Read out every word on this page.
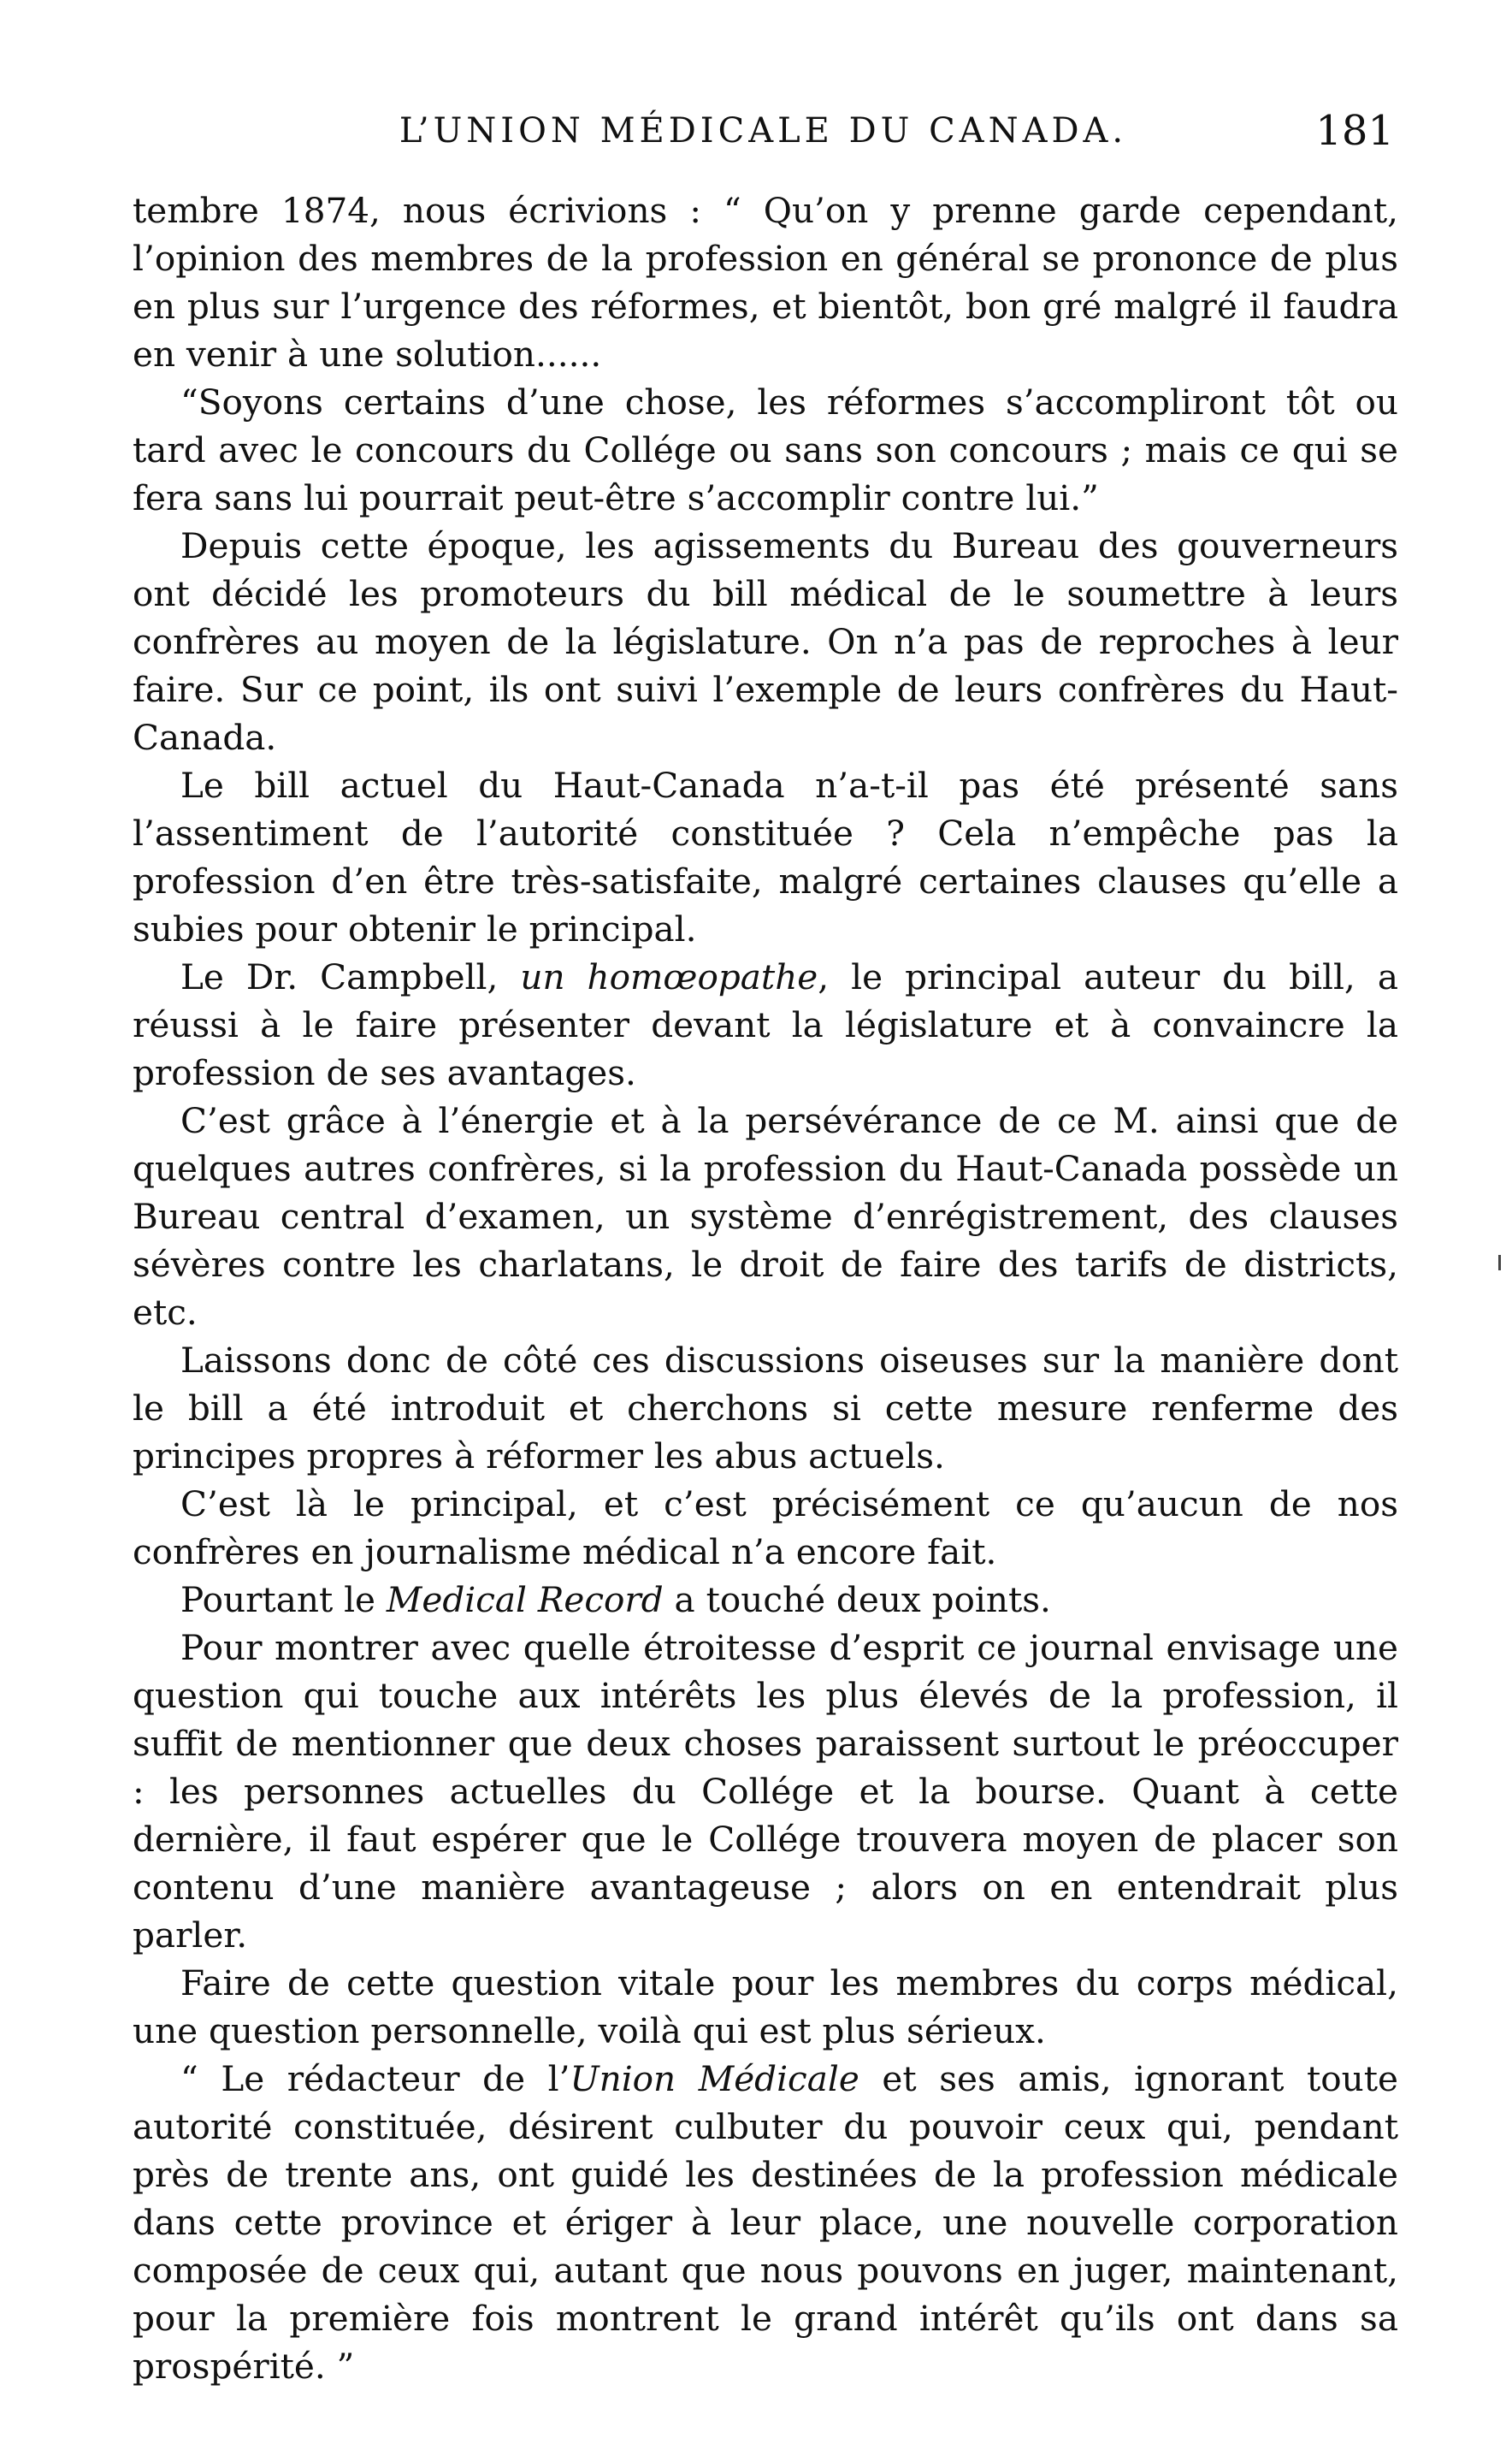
L’UNION MÉDICALE DU CANADA.	181

tembre 1874, nous écrivions : “ Qu’on y prenne garde cependant, l’opinion des membres de la profession en général se prononce de plus en plus sur l’urgence des réformes, et bientôt, bon gré malgré il faudra en venir à une solution......

“Soyons certains d’une chose, les réformes s’accompliront tôt ou tard avec le concours du Collége ou sans son concours ; mais ce qui se fera sans lui pourrait peut-être s’accomplir contre lui.”

Depuis cette époque, les agissements du Bureau des gouverneurs ont décidé les promoteurs du bill médical de le soumettre à leurs confrères au moyen de la législature. On n’a pas de reproches à leur faire. Sur ce point, ils ont suivi l’exemple de leurs confrères du Haut-Canada.

Le bill actuel du Haut-Canada n’a-t-il pas été présenté sans l’assentiment de l’autorité constituée ? Cela n’empêche pas la profession d’en être très-satisfaite, malgré certaines clauses qu’elle a subies pour obtenir le principal.

Le Dr. Campbell, un homœopathe, le principal auteur du bill, a réussi à le faire présenter devant la législature et à convaincre la profession de ses avantages.

C’est grâce à l’énergie et à la persévérance de ce M. ainsi que de quelques autres confrères, si la profession du Haut-Canada possède un Bureau central d’examen, un système d’enrégistrement, des clauses sévères contre les charlatans, le droit de faire des tarifs de districts, etc.

Laissons donc de côté ces discussions oiseuses sur la manière dont le bill a été introduit et cherchons si cette mesure renferme des principes propres à réformer les abus actuels.

C’est là le principal, et c’est précisément ce qu’aucun de nos confrères en journalisme médical n’a encore fait.

Pourtant le Medical Record a touché deux points.

Pour montrer avec quelle étroitesse d’esprit ce journal envisage une question qui touche aux intérêts les plus élevés de la profession, il suffit de mentionner que deux choses paraissent surtout le préoccuper : les personnes actuelles du Collége et la bourse. Quant à cette dernière, il faut espérer que le Collége trouvera moyen de placer son contenu d’une manière avantageuse ; alors on en entendrait plus parler.

Faire de cette question vitale pour les membres du corps médical, une question personnelle, voilà qui est plus sérieux.

“ Le rédacteur de l’Union Médicale et ses amis, ignorant toute autorité constituée, désirent culbuter du pouvoir ceux qui, pendant près de trente ans, ont guidé les destinées de la profession médicale dans cette province et ériger à leur place, une nouvelle corporation composée de ceux qui, autant que nous pouvons en juger, maintenant, pour la première fois montrent le grand intérêt qu’ils ont dans sa prospérité. ”
